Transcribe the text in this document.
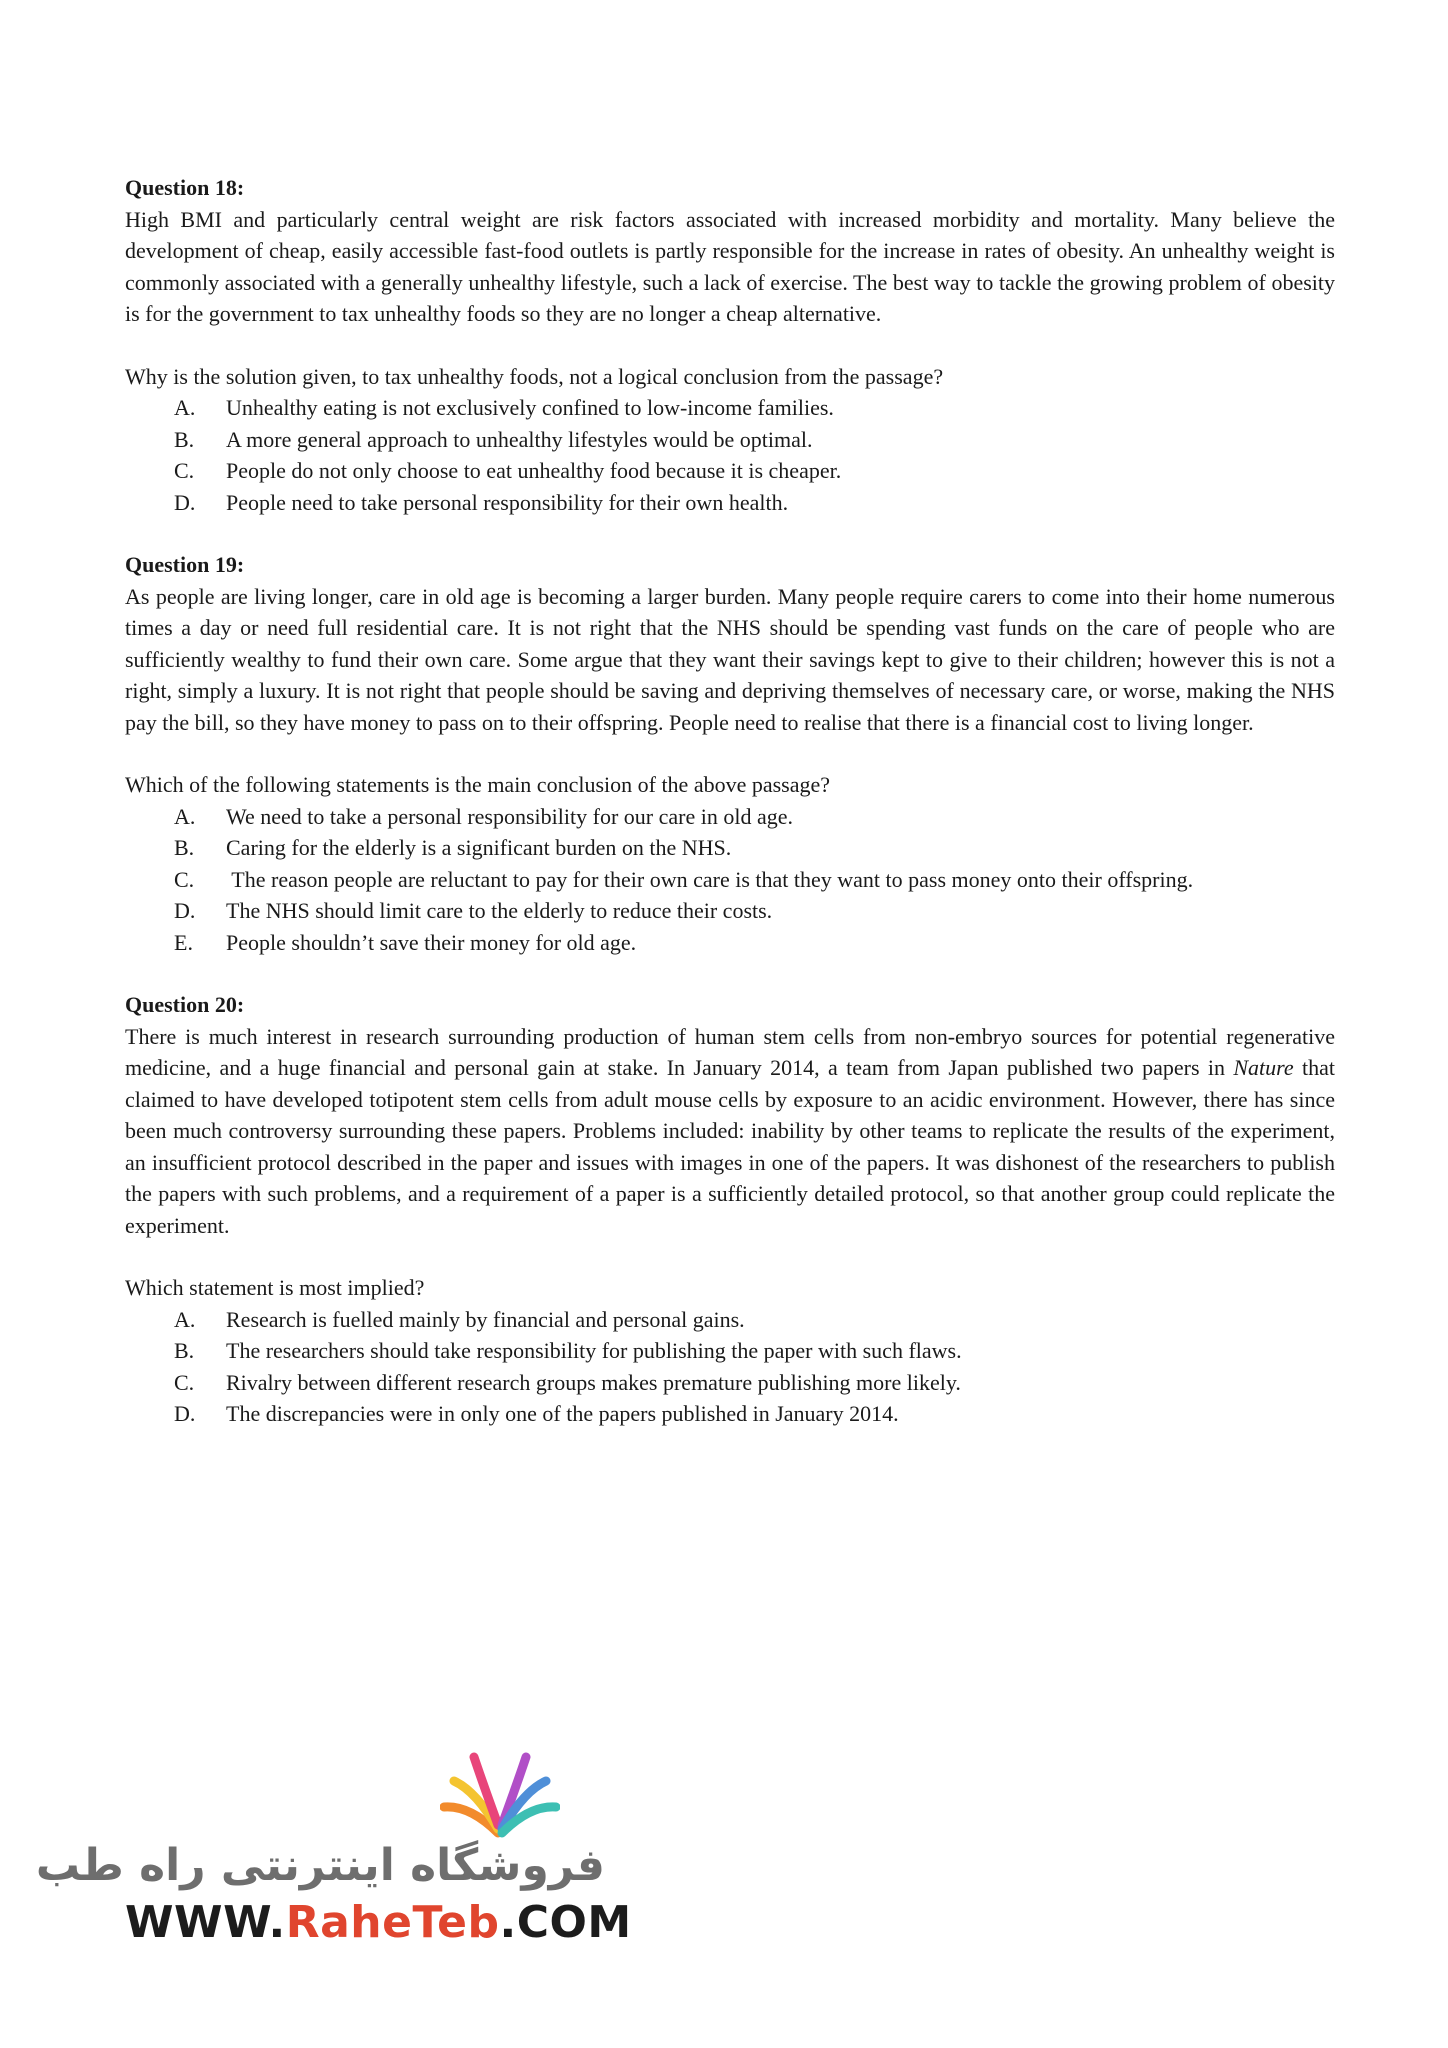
Question 18:

High BMI and particularly central weight are risk factors associated with increased morbidity and mortality. Many believe the development of cheap, easily accessible fast-food outlets is partly responsible for the increase in rates of obesity. An unhealthy weight is commonly associated with a generally unhealthy lifestyle, such a lack of exercise. The best way to tackle the growing problem of obesity is for the government to tax unhealthy foods so they are no longer a cheap alternative.

Why is the solution given, to tax unhealthy foods, not a logical conclusion from the passage?

A.	Unhealthy eating is not exclusively confined to low-income families.
B.	A more general approach to unhealthy lifestyles would be optimal.
C.	People do not only choose to eat unhealthy food because it is cheaper.
D.	People need to take personal responsibility for their own health.

Question 19:

As people are living longer, care in old age is becoming a larger burden. Many people require carers to come into their home numerous times a day or need full residential care. It is not right that the NHS should be spending vast funds on the care of people who are sufficiently wealthy to fund their own care. Some argue that they want their savings kept to give to their children; however this is not a right, simply a luxury. It is not right that people should be saving and depriving themselves of necessary care, or worse, making the NHS pay the bill, so they have money to pass on to their offspring. People need to realise that there is a financial cost to living longer.

Which of the following statements is the main conclusion of the above passage?

A.	We need to take a personal responsibility for our care in old age.
B.	Caring for the elderly is a significant burden on the NHS.
C. The reason people are reluctant to pay for their own care is that they want to pass money onto their offspring.
D.	The NHS should limit care to the elderly to reduce their costs.
E.	People shouldn’t save their money for old age.

Question 20:

There is much interest in research surrounding production of human stem cells from non-embryo sources for potential regenerative medicine, and a huge financial and personal gain at stake. In January 2014, a team from Japan published two papers in Nature that claimed to have developed totipotent stem cells from adult mouse cells by exposure to an acidic environment. However, there has since been much controversy surrounding these papers. Problems included: inability by other teams to replicate the results of the experiment, an insufficient protocol described in the paper and issues with images in one of the papers. It was dishonest of the researchers to publish the papers with such problems, and a requirement of a paper is a sufficiently detailed protocol, so that another group could replicate the experiment.

Which statement is most implied?

A.	Research is fuelled mainly by financial and personal gains.
B.	The researchers should take responsibility for publishing the paper with such flaws.
C.	Rivalry between different research groups makes premature publishing more likely.
D.	The discrepancies were in only one of the papers published in January 2014.
فروشگاه اینترنتی راه طب
WWW.RaheTeb.COM
